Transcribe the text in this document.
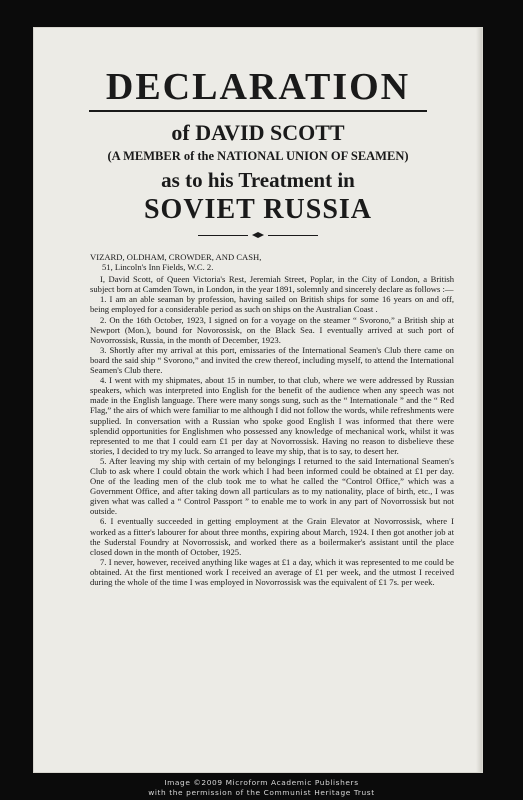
DECLARATION
of DAVID SCOTT
(A MEMBER of the NATIONAL UNION OF SEAMEN)
as to his Treatment in
SOVIET RUSSIA

VIZARD, OLDHAM, CROWDER, AND CASH,

51, Lincoln's Inn Fields, W.C. 2.

I, David Scott, of Queen Victoria's Rest, Jeremiah Street, Poplar, in the City of London, a British subject born at Camden Town, in London, in the year 1891, solemnly and sincerely declare as follows :—

1. I am an able seaman by profession, having sailed on British ships for some 16 years on and off, being employed for a considerable period as such on ships on the Australian Coast .

2. On the 16th October, 1923, I signed on for a voyage on the steamer “ Svorono,” a British ship at Newport (Mon.), bound for Novorossisk, on the Black Sea. I eventually arrived at such port of Novorrossisk, Russia, in the month of December, 1923.

3. Shortly after my arrival at this port, emissaries of the International Seamen's Club there came on board the said ship “ Svorono,” and invited the crew thereof, including myself, to attend the International Seamen's Club there.

4. I went with my shipmates, about 15 in number, to that club, where we were addressed by Russian speakers, which was interpreted into English for the benefit of the audience when any speech was not made in the English language. There were many songs sung, such as the “ Internationale ” and the “ Red Flag,” the airs of which were familiar to me although I did not follow the words, while refreshments were supplied. In conversation with a Russian who spoke good English I was informed that there were splendid opportunities for Englishmen who possessed any knowledge of mechanical work, whilst it was represented to me that I could earn £1 per day at Novorrossisk. Having no reason to disbelieve these stories, I decided to try my luck. So arranged to leave my ship, that is to say, to desert her.

5. After leaving my ship with certain of my belongings I returned to the said International Seamen's Club to ask where I could obtain the work which I had been informed could be obtained at £1 per day. One of the leading men of the club took me to what he called the “Control Office,” which was a Government Office, and after taking down all particulars as to my nationality, place of birth, etc., I was given what was called a “ Control Passport ” to enable me to work in any part of Novorrossisk but not outside.

6. I eventually succeeded in getting employment at the Grain Elevator at Novorrossisk, where I worked as a fitter's labourer for about three months, expiring about March, 1924. I then got another job at the Suderstal Foundry at Novorrossisk, and worked there as a boilermaker's assistant until the place closed down in the month of October, 1925.

7. I never, however, received anything like wages at £1 a day, which it was represented to me could be obtained. At the first mentioned work I received an average of £1 per week, and the utmost I received during the whole of the time I was employed in Novorrossisk was the equivalent of £1 7s. per week.

Image ©2009 Microform Academic Publishers
with the permission of the Communist Heritage Trust
